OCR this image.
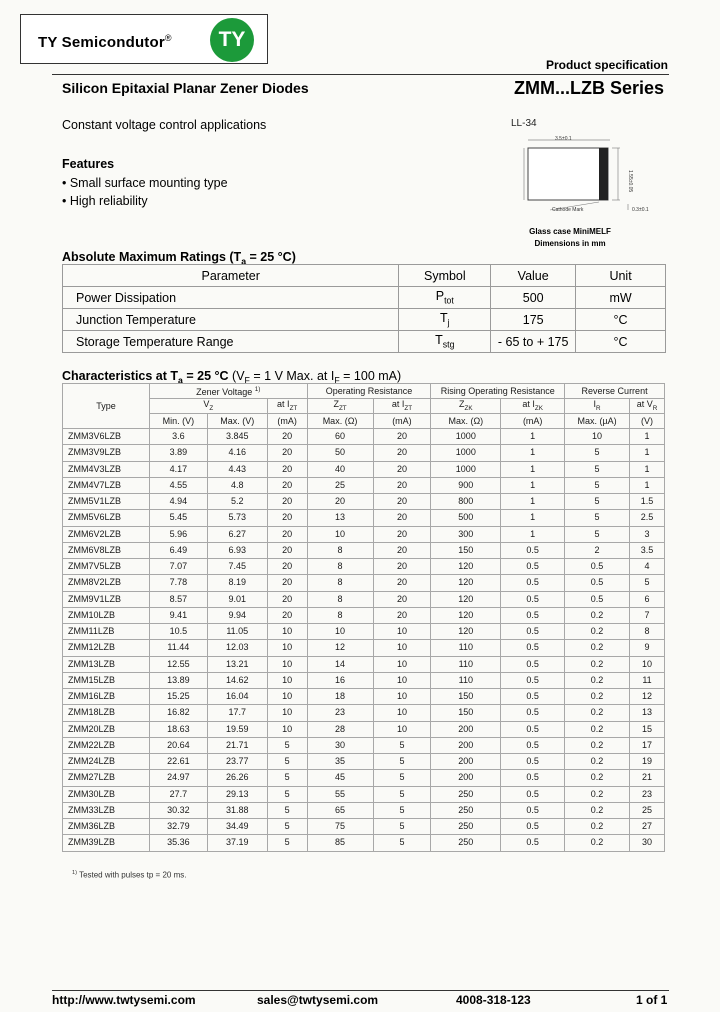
TY Semicondutor®	TY
Product specification
Silicon Epitaxial Planar Zener Diodes	ZMM...LZB Series
Constant voltage control applications
Features
• Small surface mounting type
• High reliability
LL-34
3.5±0.1
1.55±0.05
Cathode Mark	0.3±0.1
Glass case MiniMELF
Dimensions in mm
Absolute Maximum Ratings ($T_a = 25$ °C)
Parameter	Symbol	Value	Unit
Power Dissipation	$P_{tot}$	500	mW
Junction Temperature	$T_j$	175	°C
Storage Temperature Range	$T_{stg}$	- 65 to + 175	°C
Characteristics at $T_a = 25$ °C ($V_F = 1$ V Max. at $I_F = 100$ mA)
Type	Zener Voltage $^{1)}$			Operating Resistance		Rising Operating Resistance		Reverse Current	
	$V_Z$		at $I_{ZT}$	$Z_{ZT}$	at $I_{ZT}$	$Z_{ZK}$	at $I_{ZK}$	$I_R$	at $V_R$
	Min. (V)	Max. (V)	(mA)	Max. (Ω)	(mA)	Max. (Ω)	(mA)	Max. (µA)	(V)
ZMM3V6LZB	3.6	3.845	20	60	20	1000	1	10	1
ZMM3V9LZB	3.89	4.16	20	50	20	1000	1	5	1
ZMM4V3LZB	4.17	4.43	20	40	20	1000	1	5	1
ZMM4V7LZB	4.55	4.8	20	25	20	900	1	5	1
ZMM5V1LZB	4.94	5.2	20	20	20	800	1	5	1.5
ZMM5V6LZB	5.45	5.73	20	13	20	500	1	5	2.5
ZMM6V2LZB	5.96	6.27	20	10	20	300	1	5	3
ZMM6V8LZB	6.49	6.93	20	8	20	150	0.5	2	3.5
ZMM7V5LZB	7.07	7.45	20	8	20	120	0.5	0.5	4
ZMM8V2LZB	7.78	8.19	20	8	20	120	0.5	0.5	5
ZMM9V1LZB	8.57	9.01	20	8	20	120	0.5	0.5	6
ZMM10LZB	9.41	9.94	20	8	20	120	0.5	0.2	7
ZMM11LZB	10.5	11.05	10	10	10	120	0.5	0.2	8
ZMM12LZB	11.44	12.03	10	12	10	110	0.5	0.2	9
ZMM13LZB	12.55	13.21	10	14	10	110	0.5	0.2	10
ZMM15LZB	13.89	14.62	10	16	10	110	0.5	0.2	11
ZMM16LZB	15.25	16.04	10	18	10	150	0.5	0.2	12
ZMM18LZB	16.82	17.7	10	23	10	150	0.5	0.2	13
ZMM20LZB	18.63	19.59	10	28	10	200	0.5	0.2	15
ZMM22LZB	20.64	21.71	5	30	5	200	0.5	0.2	17
ZMM24LZB	22.61	23.77	5	35	5	200	0.5	0.2	19
ZMM27LZB	24.97	26.26	5	45	5	200	0.5	0.2	21
ZMM30LZB	27.7	29.13	5	55	5	250	0.5	0.2	23
ZMM33LZB	30.32	31.88	5	65	5	250	0.5	0.2	25
ZMM36LZB	32.79	34.49	5	75	5	250	0.5	0.2	27
ZMM39LZB	35.36	37.19	5	85	5	250	0.5	0.2	30
$^{1)}$ Tested with pulses tp = 20 ms.
http://www.twtysemi.com	sales@twtysemi.com	4008-318-123	1 of 1
